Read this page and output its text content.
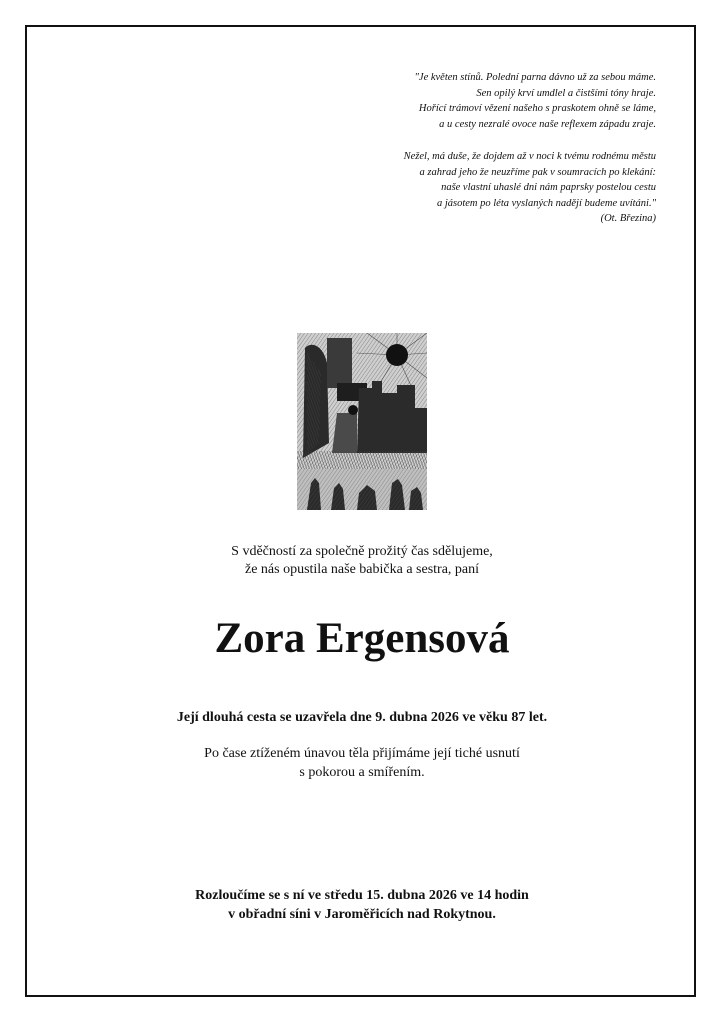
"Je květen stínů. Polední parna dávno už za sebou máme.
Sen opilý krví umdlel a čistšími tóny hraje.
Hořící trámoví vězení našeho s praskotem ohně se láme,
a u cesty nezralé ovoce naše reflexem západu zraje.
Nežel, má duše, že dojdem až v noci k tvému rodnému městu
a zahrad jeho že neuzříme pak v soumracích po klekání:
naše vlastní uhaslé dni nám paprsky postelou cestu
a jásotem po léta vyslaných nadějí budeme uvítáni."
(Ot. Březina)
S vděčností za společně prožitý čas sdělujeme,
že nás opustila naše babička a sestra, paní
Zora Ergensová
Její dlouhá cesta se uzavřela dne 9. dubna 2026 ve věku 87 let.
Po čase ztíženém únavou těla přijímáme její tiché usnutí
s pokorou a smířením.
Rozloučíme se s ní ve středu 15. dubna 2026 ve 14 hodin
v obřadní síni v Jaroměřicích nad Rokytnou.
